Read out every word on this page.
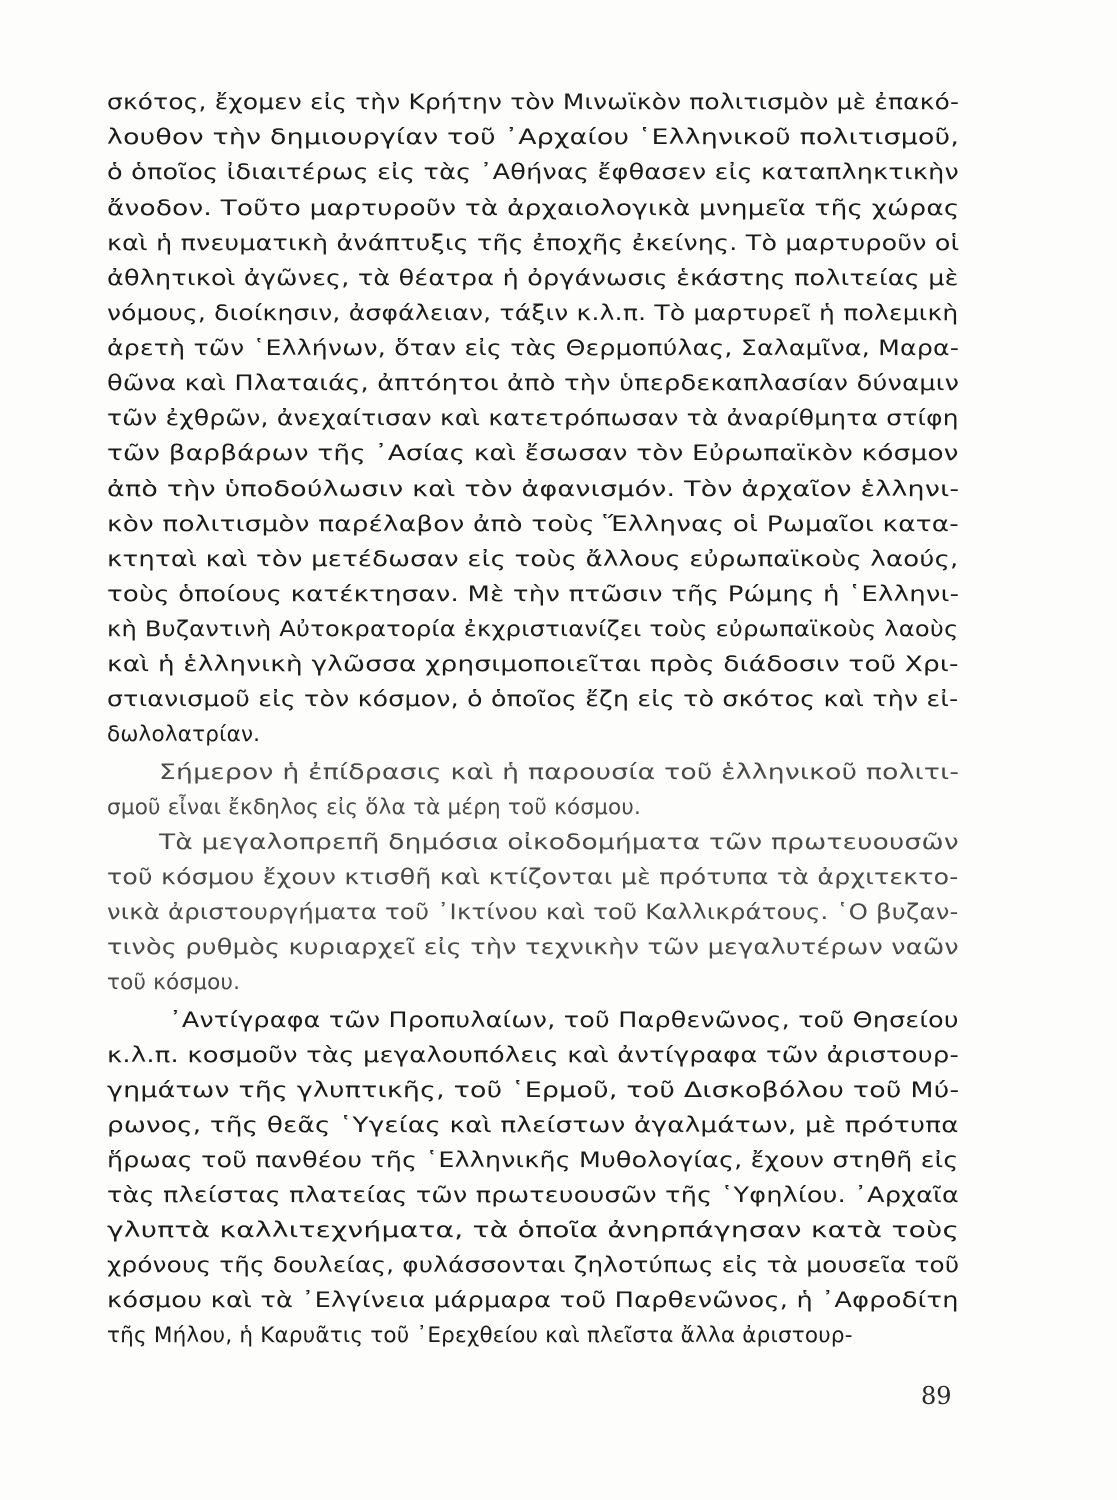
σκότος, ἔχομεν εἰς τὴν Κρήτην τὸν Μινωϊκὸν πολιτισμὸν μὲ ἐπακό-
λουθον τὴν δημιουργίαν τοῦ ᾿Αρχαίου ῾Ελληνικοῦ πολιτισμοῦ,
ὁ ὁποῖος ἰδιαιτέρως εἰς τὰς ᾿Αθήνας ἔφθασεν εἰς καταπληκτικὴν
ἄνοδον. Τοῦτο μαρτυροῦν τὰ ἀρχαιολογικὰ μνημεῖα τῆς χώρας
καὶ ἡ πνευματικὴ ἀνάπτυξις τῆς ἐποχῆς ἐκείνης. Τὸ μαρτυροῦν οἱ
ἀθλητικοὶ ἀγῶνες, τὰ θέατρα ἡ ὀργάνωσις ἑκάστης πολιτείας μὲ
νόμους, διοίκησιν, ἀσφάλειαν, τάξιν κ.λ.π. Τὸ μαρτυρεῖ ἡ πολεμικὴ
ἀρετὴ τῶν ῾Ελλήνων, ὅταν εἰς τὰς Θερμοπύλας, Σαλαμῖνα, Μαρα-
θῶνα καὶ Πλαταιάς, ἀπτόητοι ἀπὸ τὴν ὑπερδεκαπλασίαν δύναμιν
τῶν ἐχθρῶν, ἀνεχαίτισαν καὶ κατετρόπωσαν τὰ ἀναρίθμητα στίφη
τῶν βαρβάρων τῆς ᾿Ασίας καὶ ἔσωσαν τὸν Εὐρωπαϊκὸν κόσμον
ἀπὸ τὴν ὑποδούλωσιν καὶ τὸν ἀφανισμόν. Τὸν ἀρχαῖον ἑλληνι-
κὸν πολιτισμὸν παρέλαβον ἀπὸ τοὺς Ἕλληνας οἱ Ρωμαῖοι κατα-
κτηταὶ καὶ τὸν μετέδωσαν εἰς τοὺς ἄλλους εὐρωπαϊκοὺς λαούς,
τοὺς ὁποίους κατέκτησαν. Μὲ τὴν πτῶσιν τῆς Ρώμης ἡ ῾Ελληνι-
κὴ Βυζαντινὴ Αὐτοκρατορία ἐκχριστιανίζει τοὺς εὐρωπαϊκοὺς λαοὺς
καὶ ἡ ἑλληνικὴ γλῶσσα χρησιμοποιεῖται πρὸς διάδοσιν τοῦ Χρι-
στιανισμοῦ εἰς τὸν κόσμον, ὁ ὁποῖος ἔζη εἰς τὸ σκότος καὶ τὴν εἰ-
δωλολατρίαν.
Σήμερον ἡ ἐπίδρασις καὶ ἡ παρουσία τοῦ ἑλληνικοῦ πολιτι-
σμοῦ εἶναι ἔκδηλος εἰς ὅλα τὰ μέρη τοῦ κόσμου.
Τὰ μεγαλοπρεπῆ δημόσια οἰκοδομήματα τῶν πρωτευουσῶν
τοῦ κόσμου ἔχουν κτισθῆ καὶ κτίζονται μὲ πρότυπα τὰ ἀρχιτεκτο-
νικὰ ἀριστουργήματα τοῦ ᾿Ικτίνου καὶ τοῦ Καλλικράτους. ῾Ο βυζαν-
τινὸς ρυθμὸς κυριαρχεῖ εἰς τὴν τεχνικὴν τῶν μεγαλυτέρων ναῶν
τοῦ κόσμου.
᾿Αντίγραφα τῶν Προπυλαίων, τοῦ Παρθενῶνος, τοῦ Θησείου
κ.λ.π. κοσμοῦν τὰς μεγαλουπόλεις καὶ ἀντίγραφα τῶν ἀριστουρ-
γημάτων τῆς γλυπτικῆς, τοῦ ῾Ερμοῦ, τοῦ Δισκοβόλου τοῦ Μύ-
ρωνος, τῆς θεᾶς ῾Υγείας καὶ πλείστων ἀγαλμάτων, μὲ πρότυπα
ἥρωας τοῦ πανθέου τῆς ῾Ελληνικῆς Μυθολογίας, ἔχουν στηθῆ εἰς
τὰς πλείστας πλατείας τῶν πρωτευουσῶν τῆς ῾Υφηλίου. ᾿Αρχαῖα
γλυπτὰ καλλιτεχνήματα, τὰ ὁποῖα ἀνηρπάγησαν κατὰ τοὺς
χρόνους τῆς δουλείας, φυλάσσονται ζηλοτύπως εἰς τὰ μουσεῖα τοῦ
κόσμου καὶ τὰ ᾿Ελγίνεια μάρμαρα τοῦ Παρθενῶνος, ἡ ᾿Αφροδίτη
τῆς Μήλου, ἡ Καρυᾶτις τοῦ ᾿Ερεχθείου καὶ πλεῖστα ἄλλα ἀριστουρ-
89
